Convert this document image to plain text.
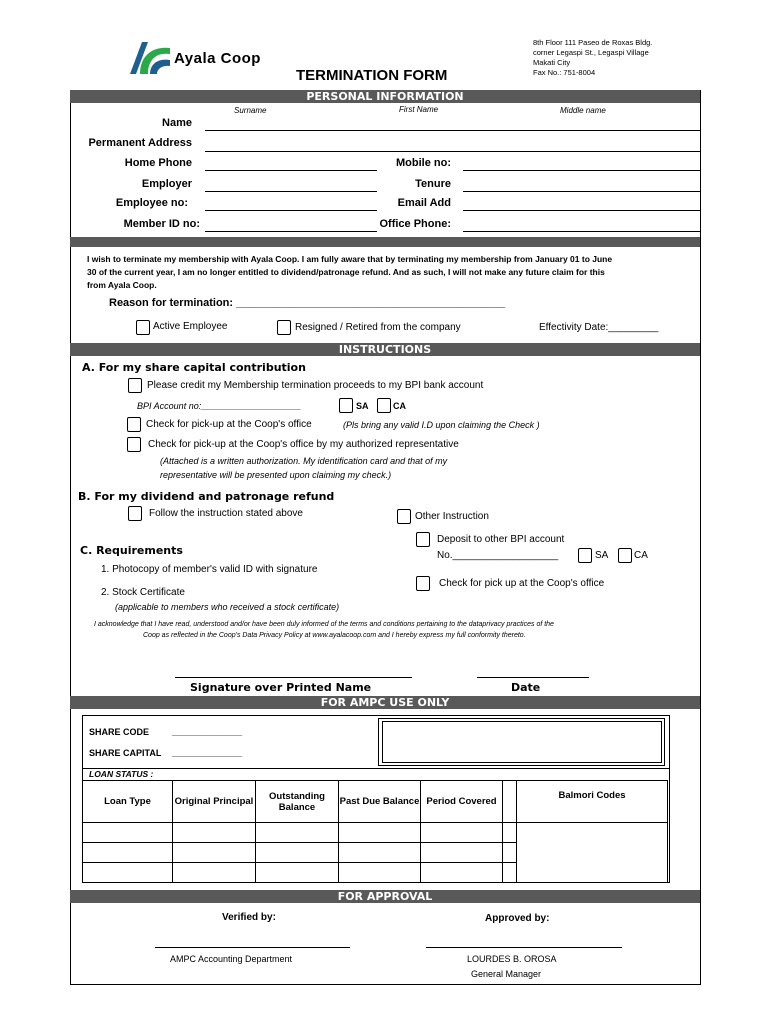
Ayala Coop
TERMINATION FORM
8th Floor 111 Paseo de Roxas Bldg.
corner Legaspi St., Legaspi Village
Makati City
Fax No.: 751-8004
PERSONAL INFORMATION
Surname	First Name	Middle name
Name
Permanent Address
Home Phone	Mobile no:
Employer	Tenure
Employee no:	Email Add
Member ID no:	Office Phone:
I wish to terminate my membership with Ayala Coop. I am fully aware that by terminating my membership from January 01 to June
30 of the current year, I am no longer entitled to dividend/patronage refund. And as such, I will not make any future claim for this
from Ayala Coop.
Reason for termination: ____________________________________________
Active Employee	Resigned / Retired from the company	Effectivity Date:_________
INSTRUCTIONS
A. For my share capital contribution
Please credit my Membership termination proceeds to my BPI bank account
BPI Account no:____________________	SA	CA
Check for pick-up at the Coop's office	(Pls bring any valid I.D upon claiming the Check )
Check for pick-up at the Coop's office by my authorized representative
(Attached is a written authorization. My identification card and that of my
representative will be presented upon claiming my check.)
B. For my dividend and patronage refund
Follow the instruction stated above	Other Instruction
Deposit to other BPI account
No.___________________	SA	CA
C. Requirements
1. Photocopy of member's valid ID with signature
Check for pick up at the Coop's office
2. Stock Certificate
(applicable to members who received a stock certificate)
I acknowledge that I have read, understood and/or have been duly informed of the terms and conditions pertaining to the dataprivacy practices of the
Coop as reflected in the Coop's Data Privacy Policy at www.ayalacoop.com and I hereby express my full conformity thereto.
Signature over Printed Name	Date
FOR AMPC USE ONLY
SHARE CODE	______________
SHARE CAPITAL ______________
LOAN STATUS :
Loan Type	Original Principal	Outstanding Balance	Past Due Balance	Period Covered		Balmori Codes

FOR APPROVAL
Verified by:	Approved by:
AMPC Accounting Department	LOURDES B. OROSA
General Manager
